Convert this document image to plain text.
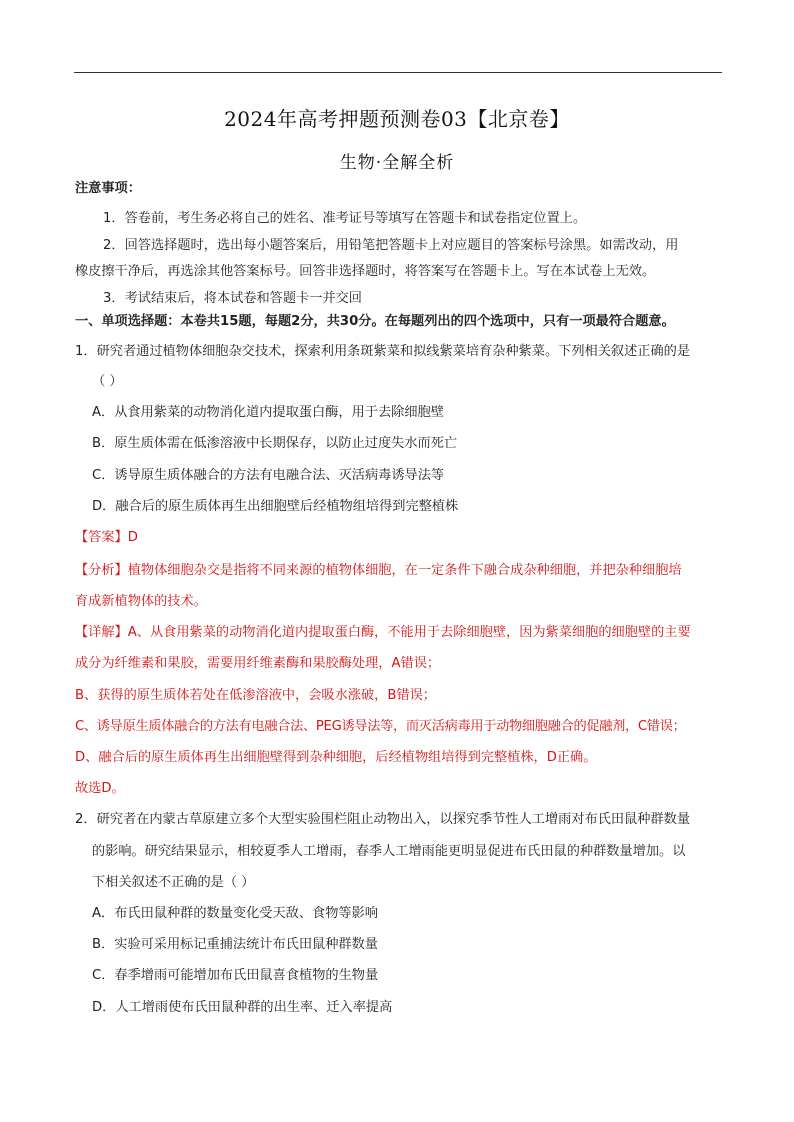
2024年高考押题预测卷03【北京卷】
生物·全解全析
注意事项：
1．答卷前，考生务必将自己的姓名、准考证号等填写在答题卡和试卷指定位置上。
2．回答选择题时，选出每小题答案后，用铅笔把答题卡上对应题目的答案标号涂黑。如需改动，用
橡皮擦干净后，再选涂其他答案标号。回答非选择题时，将答案写在答题卡上。写在本试卷上无效。
3．考试结束后，将本试卷和答题卡一并交回
一、单项选择题：本卷共15题，每题2分，共30分。在每题列出的四个选项中，只有一项最符合题意。
1．研究者通过植物体细胞杂交技术，探索利用条斑紫菜和拟线紫菜培育杂种紫菜。下列相关叙述正确的是
（ ）
A．从食用紫菜的动物消化道内提取蛋白酶，用于去除细胞壁
B．原生质体需在低渗溶液中长期保存，以防止过度失水而死亡
C．诱导原生质体融合的方法有电融合法、灭活病毒诱导法等
D．融合后的原生质体再生出细胞壁后经植物组培得到完整植株
【答案】D
【分析】植物体细胞杂交是指将不同来源的植物体细胞，在一定条件下融合成杂种细胞，并把杂种细胞培
育成新植物体的技术。
【详解】A、从食用紫菜的动物消化道内提取蛋白酶，不能用于去除细胞壁，因为紫菜细胞的细胞壁的主要
成分为纤维素和果胶，需要用纤维素酶和果胶酶处理，A错误；
B、获得的原生质体若处在低渗溶液中，会吸水涨破，B错误；
C、诱导原生质体融合的方法有电融合法、PEG诱导法等，而灭活病毒用于动物细胞融合的促融剂，C错误；
D、融合后的原生质体再生出细胞壁得到杂种细胞，后经植物组培得到完整植株，D正确。
故选D。
2．研究者在内蒙古草原建立多个大型实验围栏阻止动物出入，以探究季节性人工增雨对布氏田鼠种群数量
的影响。研究结果显示，相较夏季人工增雨，春季人工增雨能更明显促进布氏田鼠的种群数量增加。以
下相关叙述不正确的是（ ）
A．布氏田鼠种群的数量变化受天敌、食物等影响
B．实验可采用标记重捕法统计布氏田鼠种群数量
C．春季增雨可能增加布氏田鼠喜食植物的生物量
D．人工增雨使布氏田鼠种群的出生率、迁入率提高
